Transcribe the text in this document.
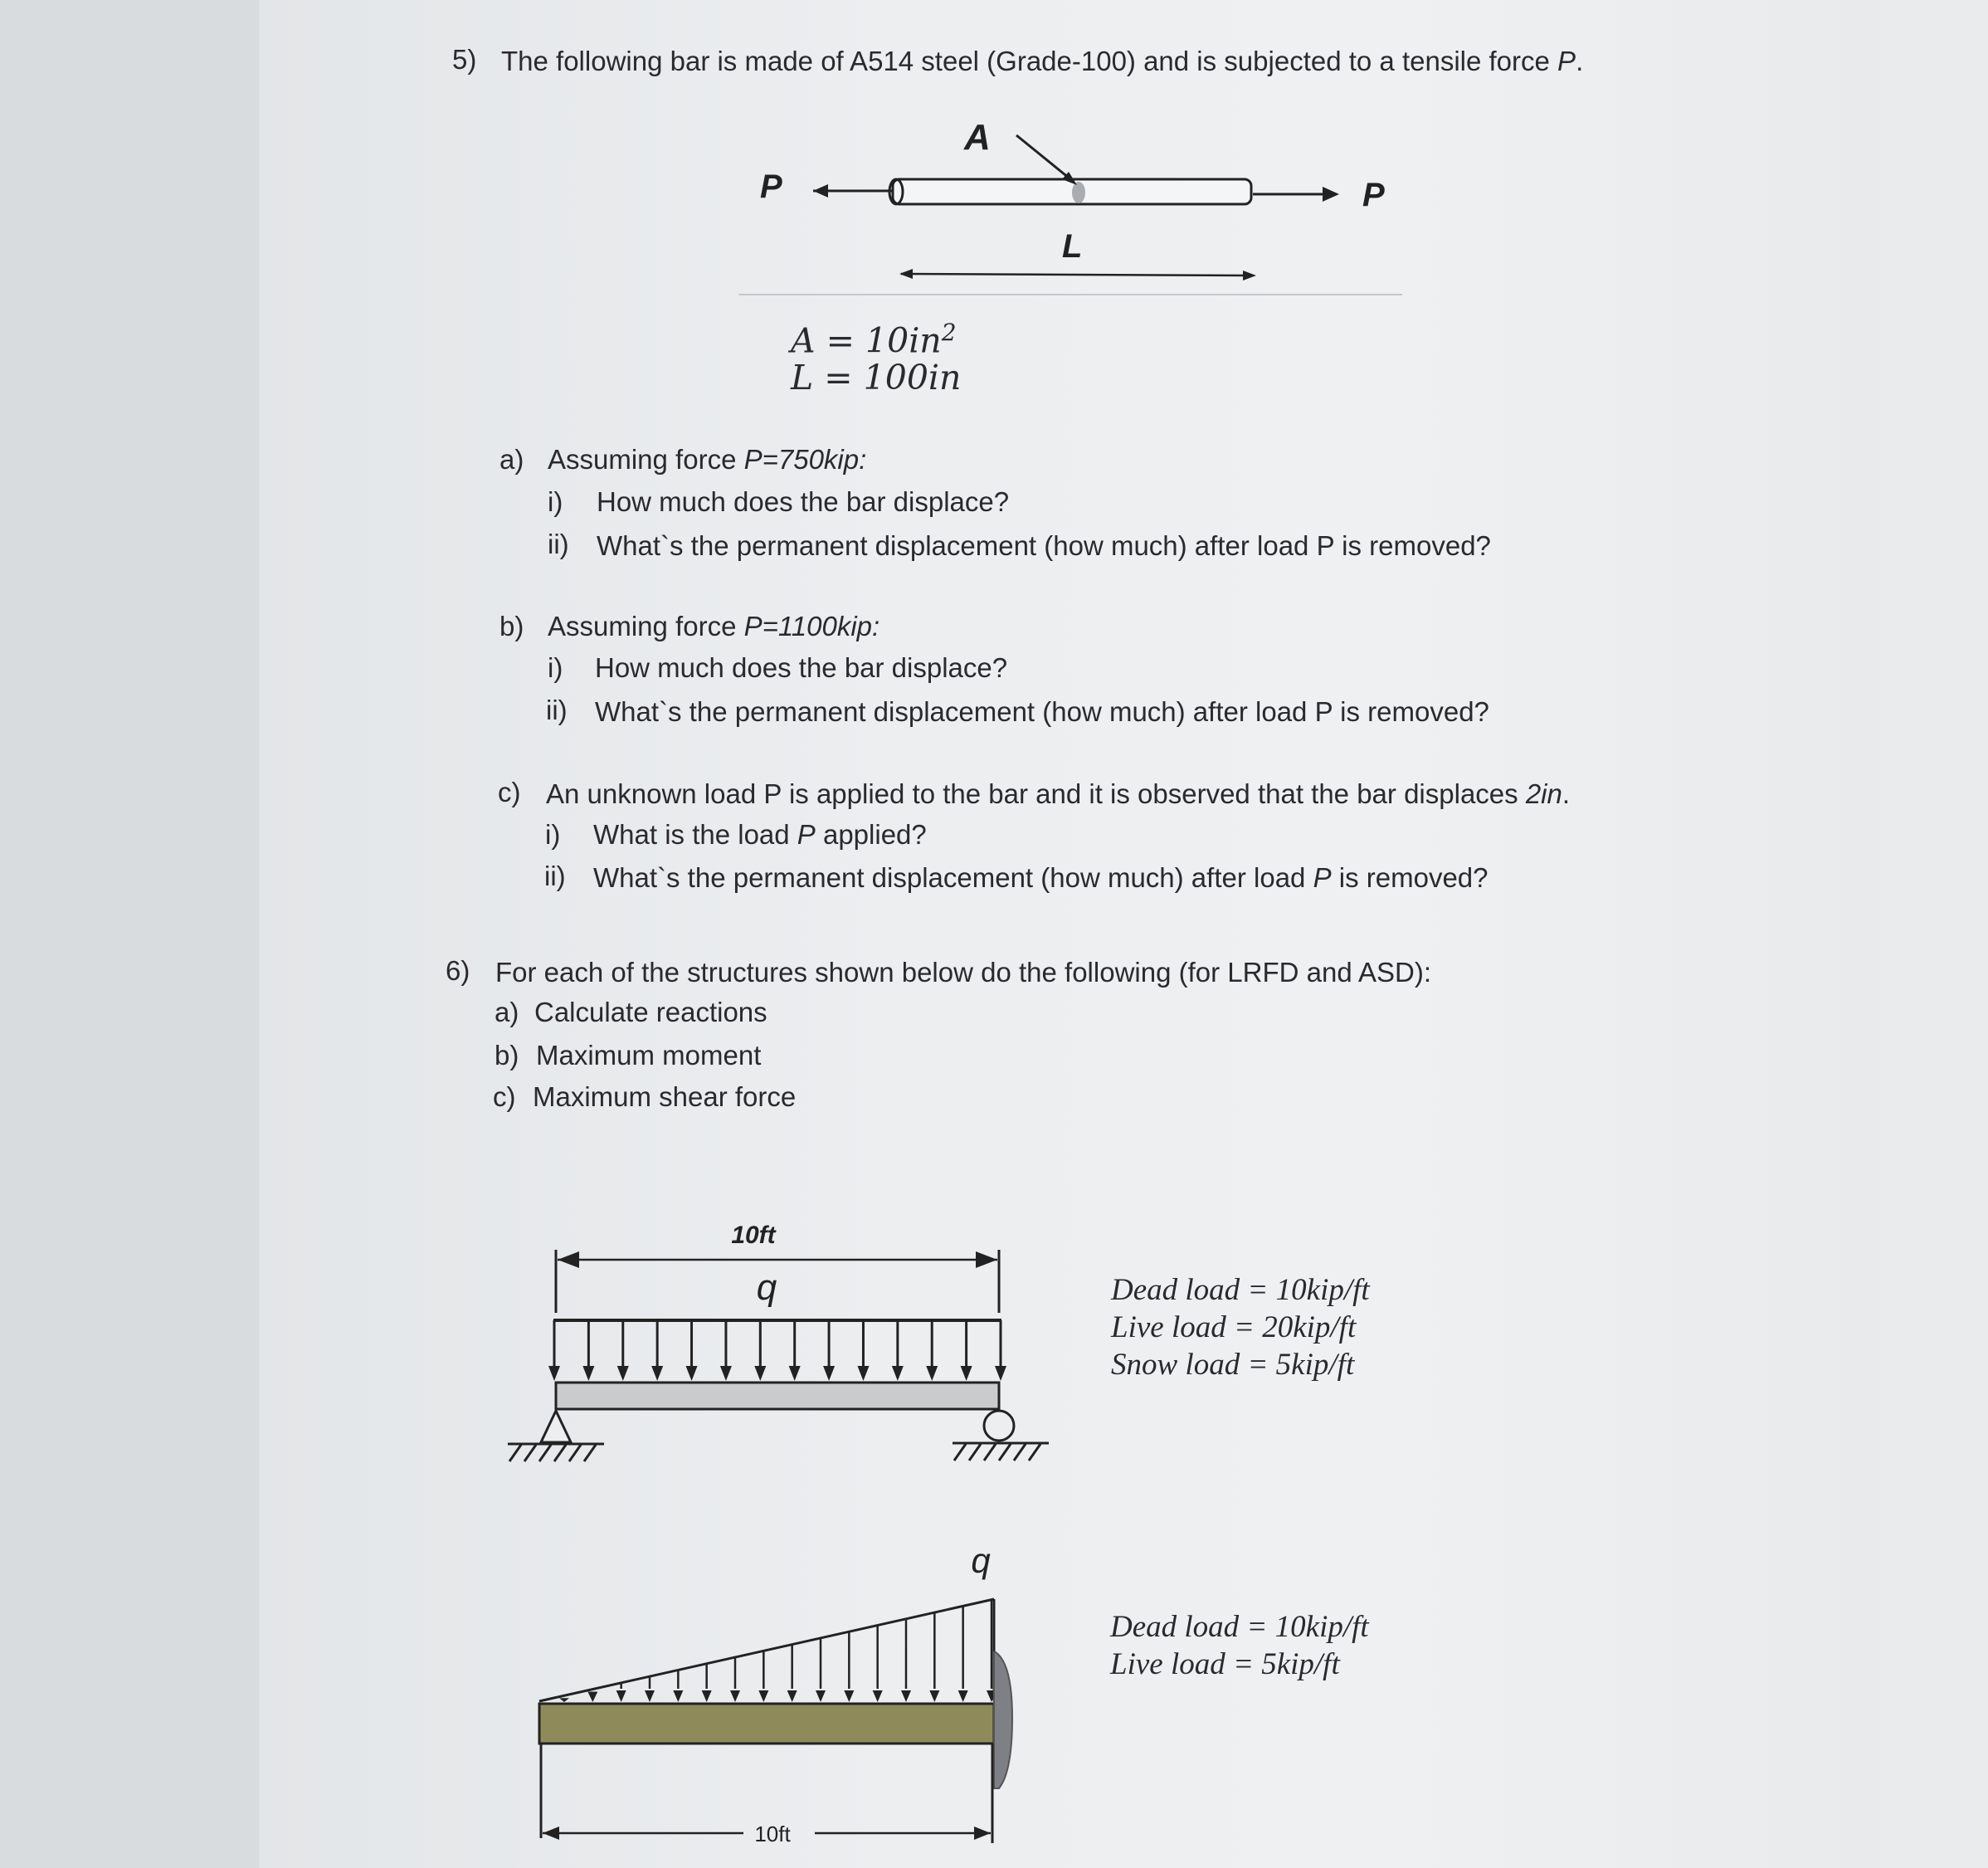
5) The following bar is made of A514 steel (Grade-100) and is subjected to a tensile force P.
P	P
A
L
$A = 10in^2$
L = 100in
a) Assuming force P=750kip:
i) How much does the bar displace?
ii) What`s the permanent displacement (how much) after load P is removed?
b) Assuming force P=1100kip:
i) How much does the bar displace?
ii) What`s the permanent displacement (how much) after load P is removed?
c) An unknown load P is applied to the bar and it is observed that the bar displaces 2in.
i) What is the load P applied?
ii) What`s the permanent displacement (how much) after load P is removed?
6) For each of the structures shown below do the following (for LRFD and ASD):
a) Calculate reactions
b) Maximum moment
c) Maximum shear force
10ft
q	Dead load = 10kip/ft
Live load = 20kip/ft
Snow load = 5kip/ft
q
10ft
Dead load = 10kip/ft
Live load = 5kip/ft
